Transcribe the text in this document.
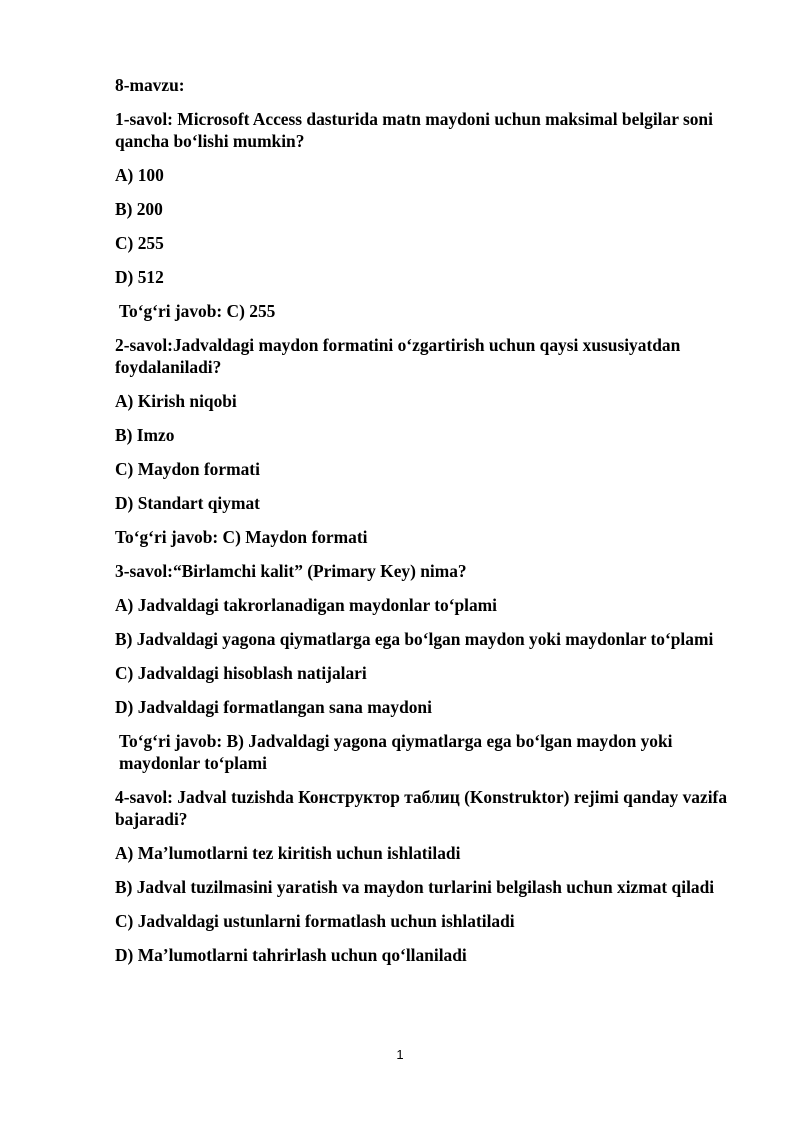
8-mavzu:

1-savol: Microsoft Access dasturida matn maydoni uchun maksimal belgilar soni qancha bo‘lishi mumkin?

A) 100

B) 200

C) 255

D) 512

To‘g‘ri javob: C) 255

2-savol:Jadvaldagi maydon formatini o‘zgartirish uchun qaysi xususiyatdan foydalaniladi?

A) Kirish niqobi

B) Imzo

C) Maydon formati

D) Standart qiymat

To‘g‘ri javob: C) Maydon formati

3-savol:“Birlamchi kalit” (Primary Key) nima?

A) Jadvaldagi takrorlanadigan maydonlar to‘plami

B) Jadvaldagi yagona qiymatlarga ega bo‘lgan maydon yoki maydonlar to‘plami

C) Jadvaldagi hisoblash natijalari

D) Jadvaldagi formatlangan sana maydoni

To‘g‘ri javob: B) Jadvaldagi yagona qiymatlarga ega bo‘lgan maydon yoki maydonlar to‘plami

4-savol: Jadval tuzishda Конструктор таблиц (Konstruktor) rejimi qanday vazifa bajaradi?

A) Ma’lumotlarni tez kiritish uchun ishlatiladi

B) Jadval tuzilmasini yaratish va maydon turlarini belgilash uchun xizmat qiladi

C) Jadvaldagi ustunlarni formatlash uchun ishlatiladi

D) Ma’lumotlarni tahrirlash uchun qo‘llaniladi

1
